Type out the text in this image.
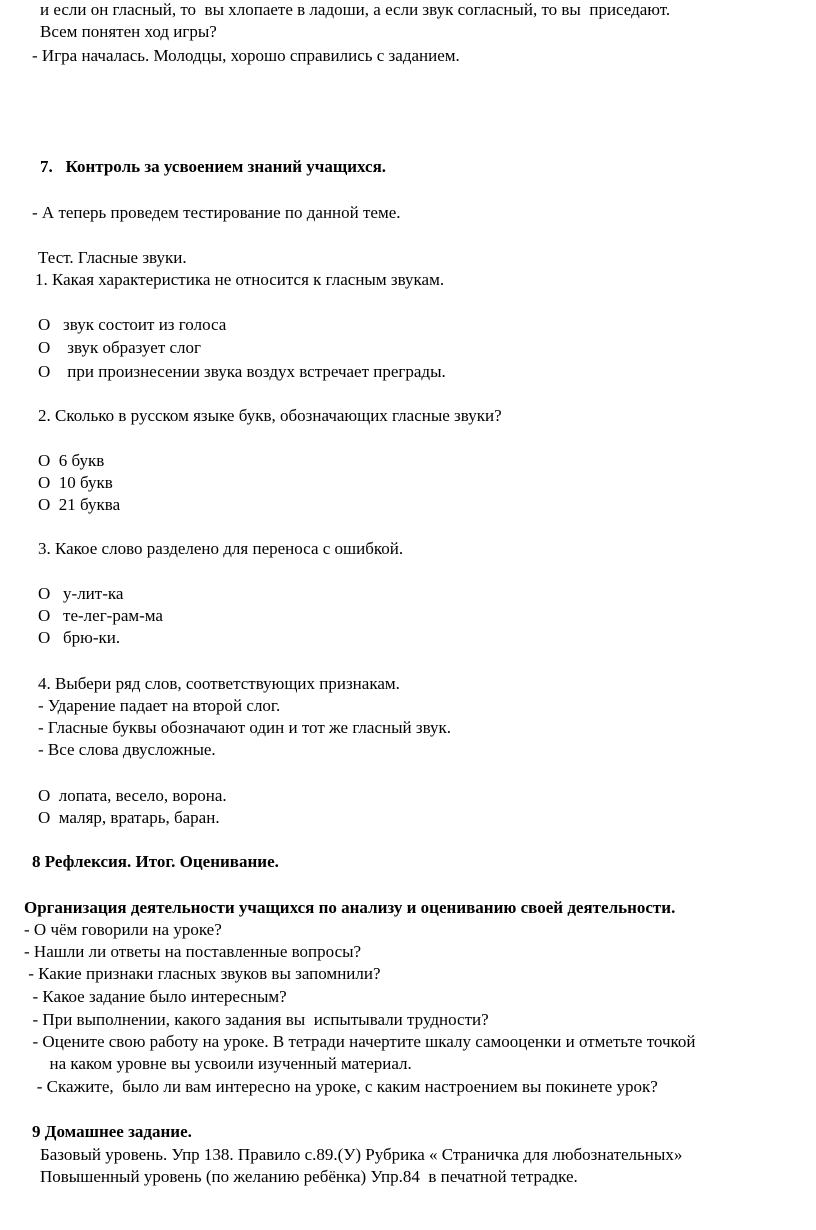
и если он гласный, то  вы хлопаете в ладоши, а если звук согласный, то вы  приседают.
Всем понятен ход игры?
- Игра началась. Молодцы, хорошо справились с заданием.
7.   Контроль за усвоением знаний учащихся.
- А теперь проведем тестирование по данной теме.
Тест. Гласные звуки.
1. Какая характеристика не относится к гласным звукам.
О   звук состоит из голоса
О    звук образует слог
О    при произнесении звука воздух встречает преграды.
2. Сколько в русском языке букв, обозначающих гласные звуки?
О  6 букв
О  10 букв
О  21 буква
3. Какое слово разделено для переноса с ошибкой.
О   у-лит-ка
О   те-лег-рам-ма
О   брю-ки.
4. Выбери ряд слов, соответствующих признакам.
- Ударение падает на второй слог.
- Гласные буквы обозначают один и тот же гласный звук.
- Все слова двусложные.
О  лопата, весело, ворона.
О  маляр, вратарь, баран.
8 Рефлексия. Итог. Оценивание.
Организация деятельности учащихся по анализу и оцениванию своей деятельности.
- О чём говорили на уроке?
- Нашли ли ответы на поставленные вопросы?
- Какие признаки гласных звуков вы запомнили?
- Какое задание было интересным?
- При выполнении, какого задания вы  испытывали трудности?
- Оцените свою работу на уроке. В тетради начертите шкалу самооценки и отметьте точкой
на каком уровне вы усвоили изученный материал.
- Скажите,  было ли вам интересно на уроке, с каким настроением вы покинете урок?
9 Домашнее задание.
Базовый уровень. Упр 138. Правило с.89.(У) Рубрика « Страничка для любознательных»
Повышенный уровень (по желанию ребёнка) Упр.84  в печатной тетрадке.
